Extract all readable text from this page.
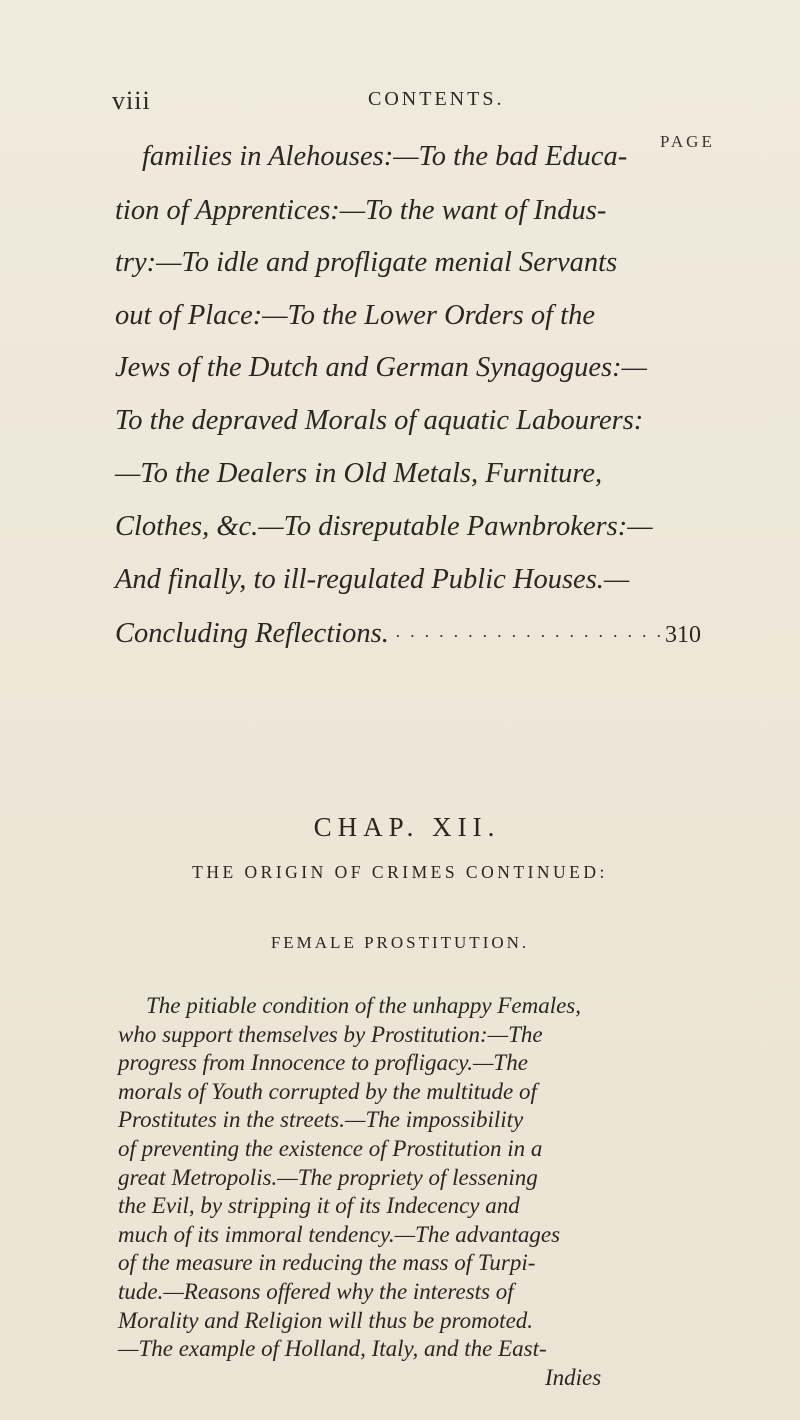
viii	CONTENTS.
PAGE
families in Alehouses:—To the bad Educa-
tion of Apprentices:—To the want of Indus-
try:—To idle and profligate menial Servants
out of Place:—To the Lower Orders of the
Jews of the Dutch and German Synagogues:—
To the depraved Morals of aquatic Labourers:
—To the Dealers in Old Metals, Furniture,
Clothes, &c.—To disreputable Pawnbrokers:—
And finally, to ill-regulated Public Houses.—
Concluding Reflections. · · · · · · · · · · · · · · · · · · · 310
CHAP. XII.
THE ORIGIN OF CRIMES CONTINUED:
FEMALE PROSTITUTION.
The pitiable condition of the unhappy Females,
who support themselves by Prostitution:—The
progress from Innocence to profligacy.—The
morals of Youth corrupted by the multitude of
Prostitutes in the streets.—The impossibility
of preventing the existence of Prostitution in a
great Metropolis.—The propriety of lessening
the Evil, by stripping it of its Indecency and
much of its immoral tendency.—The advantages
of the measure in reducing the mass of Turpi-
tude.—Reasons offered why the interests of
Morality and Religion will thus be promoted.
—The example of Holland, Italy, and the East-
Indies
